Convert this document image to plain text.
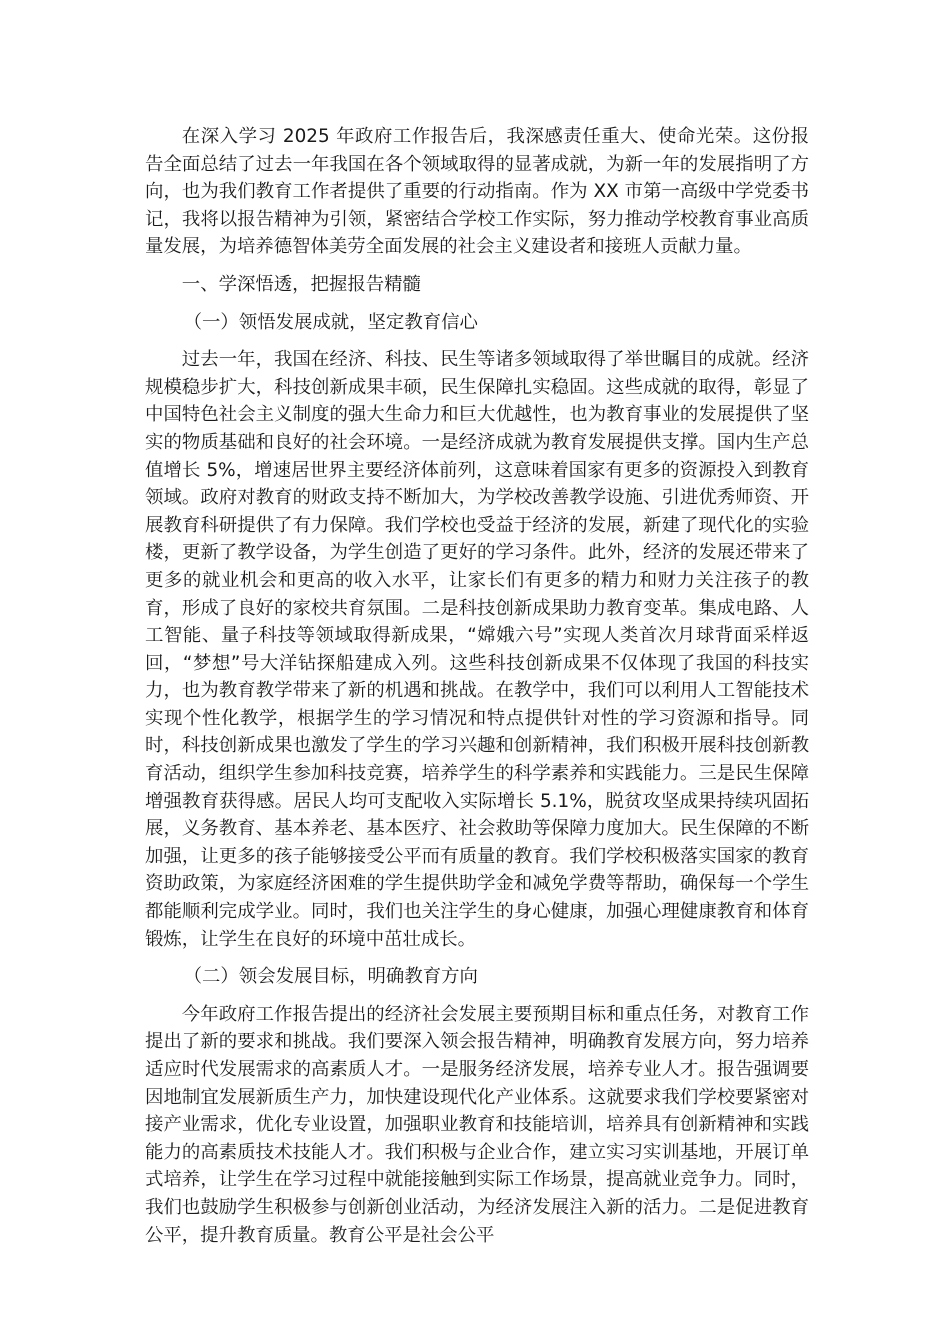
在深入学习 2025 年政府工作报告后，我深感责任重大、使命光荣。这份报告全面总结了过去一年我国在各个领域取得的显著成就，为新一年的发展指明了方向，也为我们教育工作者提供了重要的行动指南。作为 XX 市第一高级中学党委书记，我将以报告精神为引领，紧密结合学校工作实际，努力推动学校教育事业高质量发展，为培养德智体美劳全面发展的社会主义建设者和接班人贡献力量。

一、学深悟透，把握报告精髓

（一）领悟发展成就，坚定教育信心

过去一年，我国在经济、科技、民生等诸多领域取得了举世瞩目的成就。经济规模稳步扩大，科技创新成果丰硕，民生保障扎实稳固。这些成就的取得，彰显了中国特色社会主义制度的强大生命力和巨大优越性，也为教育事业的发展提供了坚实的物质基础和良好的社会环境。一是经济成就为教育发展提供支撑。国内生产总值增长 5%，增速居世界主要经济体前列，这意味着国家有更多的资源投入到教育领域。政府对教育的财政支持不断加大，为学校改善教学设施、引进优秀师资、开展教育科研提供了有力保障。我们学校也受益于经济的发展，新建了现代化的实验楼，更新了教学设备，为学生创造了更好的学习条件。此外，经济的发展还带来了更多的就业机会和更高的收入水平，让家长们有更多的精力和财力关注孩子的教育，形成了良好的家校共育氛围。二是科技创新成果助力教育变革。集成电路、人工智能、量子科技等领域取得新成果，“嫦娥六号”实现人类首次月球背面采样返回，“梦想”号大洋钻探船建成入列。这些科技创新成果不仅体现了我国的科技实力，也为教育教学带来了新的机遇和挑战。在教学中，我们可以利用人工智能技术实现个性化教学，根据学生的学习情况和特点提供针对性的学习资源和指导。同时，科技创新成果也激发了学生的学习兴趣和创新精神，我们积极开展科技创新教育活动，组织学生参加科技竞赛，培养学生的科学素养和实践能力。三是民生保障增强教育获得感。居民人均可支配收入实际增长 5.1%，脱贫攻坚成果持续巩固拓展，义务教育、基本养老、基本医疗、社会救助等保障力度加大。民生保障的不断加强，让更多的孩子能够接受公平而有质量的教育。我们学校积极落实国家的教育资助政策，为家庭经济困难的学生提供助学金和减免学费等帮助，确保每一个学生都能顺利完成学业。同时，我们也关注学生的身心健康，加强心理健康教育和体育锻炼，让学生在良好的环境中茁壮成长。

（二）领会发展目标，明确教育方向

今年政府工作报告提出的经济社会发展主要预期目标和重点任务，对教育工作提出了新的要求和挑战。我们要深入领会报告精神，明确教育发展方向，努力培养适应时代发展需求的高素质人才。一是服务经济发展，培养专业人才。报告强调要因地制宜发展新质生产力，加快建设现代化产业体系。这就要求我们学校要紧密对接产业需求，优化专业设置，加强职业教育和技能培训，培养具有创新精神和实践能力的高素质技术技能人才。我们积极与企业合作，建立实习实训基地，开展订单式培养，让学生在学习过程中就能接触到实际工作场景，提高就业竞争力。同时，我们也鼓励学生积极参与创新创业活动，为经济发展注入新的活力。二是促进教育公平，提升教育质量。教育公平是社会公平
